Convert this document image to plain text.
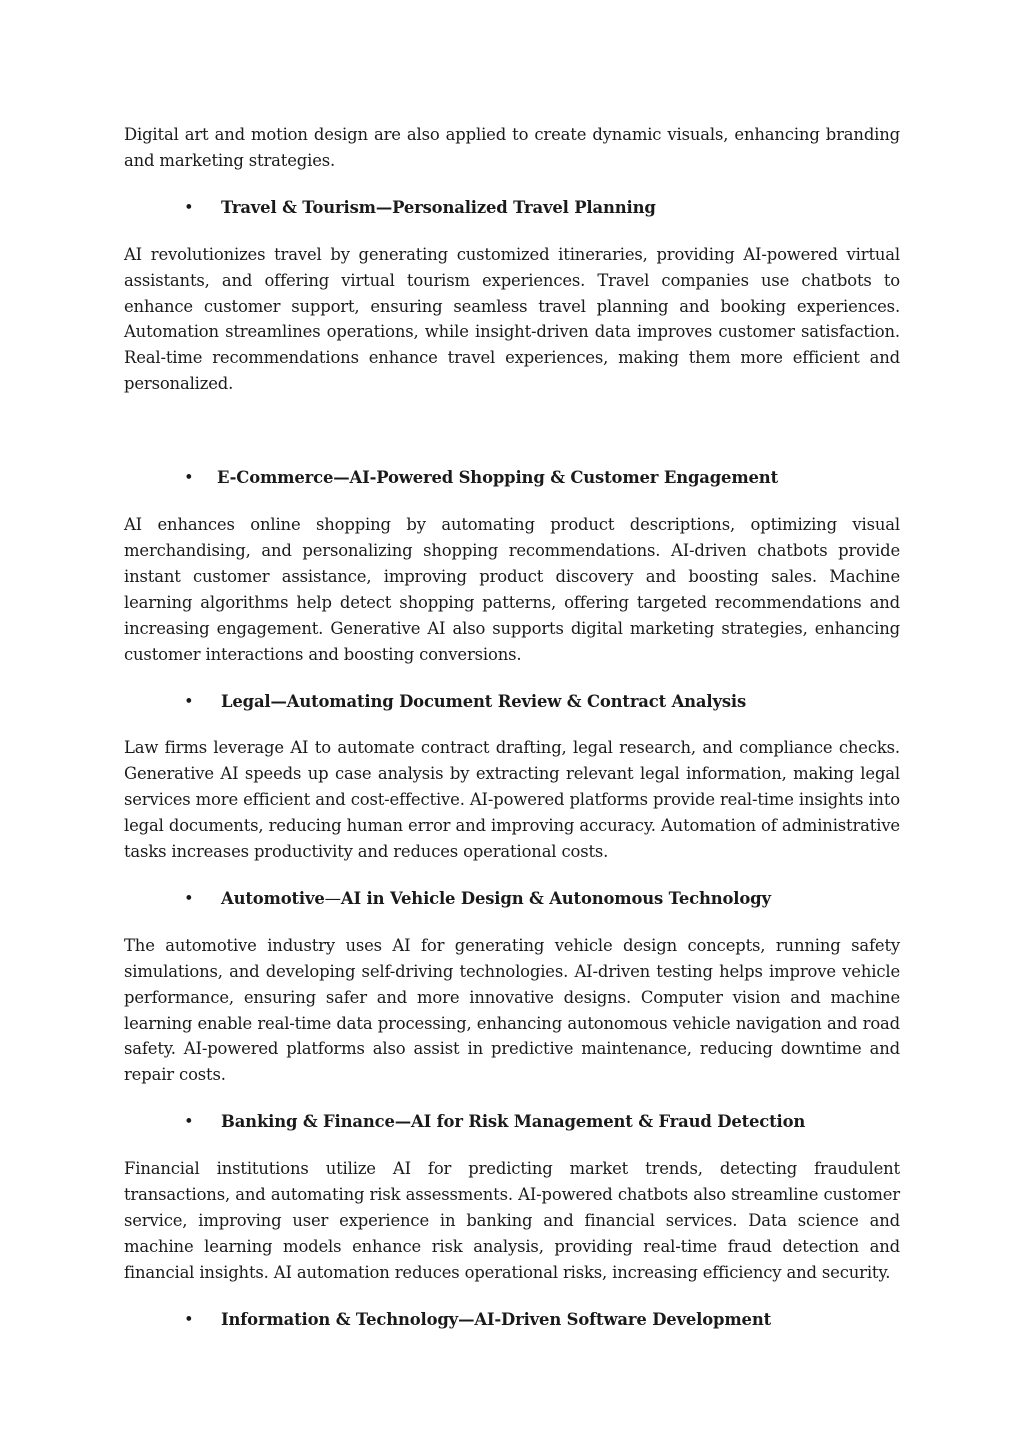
Digital art and motion design are also applied to create dynamic visuals, enhancing branding and marketing strategies.

• Travel & Tourism—Personalized Travel Planning

AI revolutionizes travel by generating customized itineraries, providing AI-powered virtual assistants, and offering virtual tourism experiences. Travel companies use chatbots to enhance customer support, ensuring seamless travel planning and booking experiences. Automation streamlines operations, while insight-driven data improves customer satisfaction. Real-time recommendations enhance travel experiences, making them more efficient and personalized.

• E-Commerce—AI-Powered Shopping & Customer Engagement

AI enhances online shopping by automating product descriptions, optimizing visual merchandising, and personalizing shopping recommendations. AI-driven chatbots provide instant customer assistance, improving product discovery and boosting sales. Machine learning algorithms help detect shopping patterns, offering targeted recommendations and increasing engagement. Generative AI also supports digital marketing strategies, enhancing customer interactions and boosting conversions.

• Legal—Automating Document Review & Contract Analysis

Law firms leverage AI to automate contract drafting, legal research, and compliance checks. Generative AI speeds up case analysis by extracting relevant legal information, making legal services more efficient and cost-effective. AI-powered platforms provide real-time insights into legal documents, reducing human error and improving accuracy. Automation of administrative tasks increases productivity and reduces operational costs.

• Automotive—AI in Vehicle Design & Autonomous Technology

The automotive industry uses AI for generating vehicle design concepts, running safety simulations, and developing self-driving technologies. AI-driven testing helps improve vehicle performance, ensuring safer and more innovative designs. Computer vision and machine learning enable real-time data processing, enhancing autonomous vehicle navigation and road safety. AI-powered platforms also assist in predictive maintenance, reducing downtime and repair costs.

• Banking & Finance—AI for Risk Management & Fraud Detection

Financial institutions utilize AI for predicting market trends, detecting fraudulent transactions, and automating risk assessments. AI-powered chatbots also streamline customer service, improving user experience in banking and financial services. Data science and machine learning models enhance risk analysis, providing real-time fraud detection and financial insights. AI automation reduces operational risks, increasing efficiency and security.

• Information & Technology—AI-Driven Software Development
